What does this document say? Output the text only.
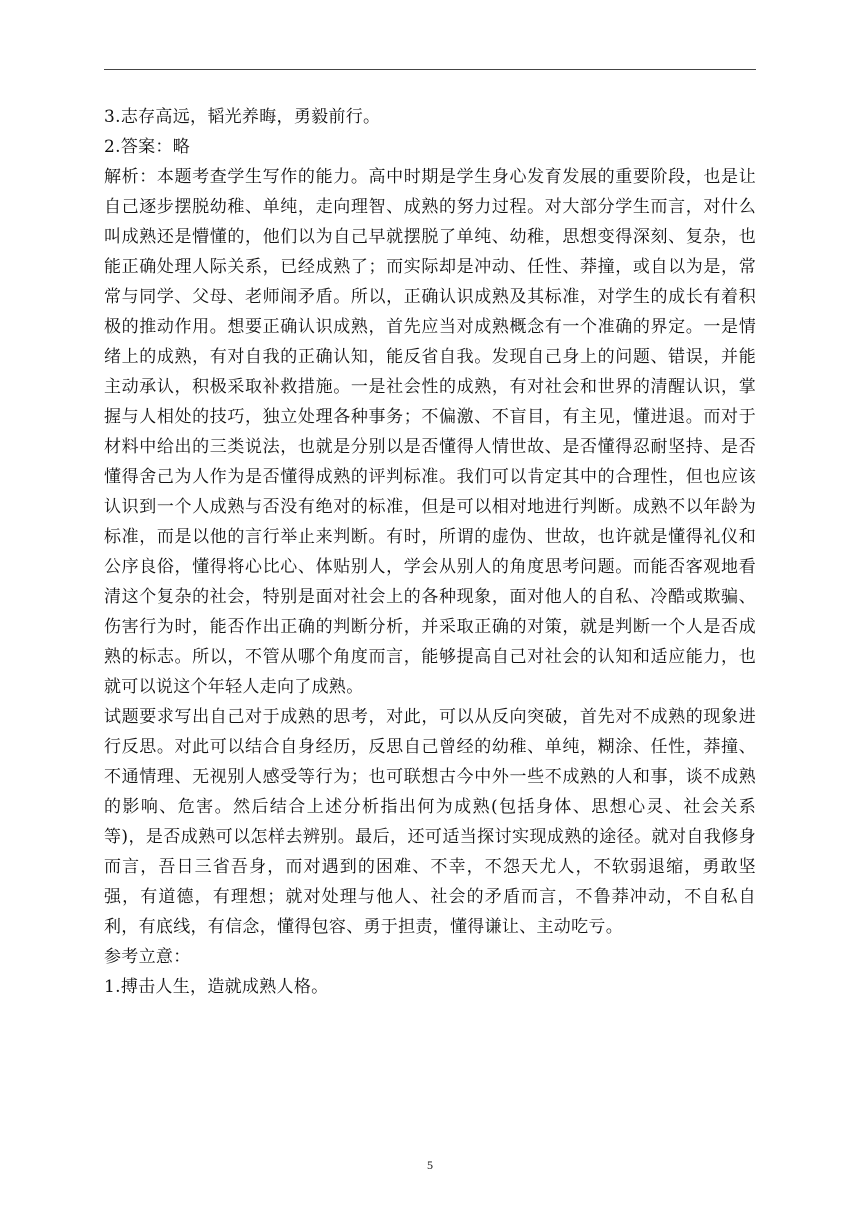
3.志存高远，韬光养晦，勇毅前行。
2.答案：略
解析：本题考查学生写作的能力。高中时期是学生身心发育发展的重要阶段，也是让
自己逐步摆脱幼稚、单纯，走向理智、成熟的努力过程。对大部分学生而言，对什么
叫成熟还是懵懂的，他们以为自己早就摆脱了单纯、幼稚，思想变得深刻、复杂，也
能正确处理人际关系，已经成熟了；而实际却是冲动、任性、莽撞，或自以为是，常
常与同学、父母、老师闹矛盾。所以，正确认识成熟及其标准，对学生的成长有着积
极的推动作用。想要正确认识成熟，首先应当对成熟概念有一个准确的界定。一是情
绪上的成熟，有对自我的正确认知，能反省自我。发现自己身上的问题、错误，并能
主动承认，积极采取补救措施。一是社会性的成熟，有对社会和世界的清醒认识，掌
握与人相处的技巧，独立处理各种事务；不偏激、不盲目，有主见，懂进退。而对于
材料中给出的三类说法，也就是分别以是否懂得人情世故、是否懂得忍耐坚持、是否
懂得舍己为人作为是否懂得成熟的评判标准。我们可以肯定其中的合理性，但也应该
认识到一个人成熟与否没有绝对的标准，但是可以相对地进行判断。成熟不以年龄为
标准，而是以他的言行举止来判断。有时，所谓的虚伪、世故，也许就是懂得礼仪和
公序良俗，懂得将心比心、体贴别人，学会从别人的角度思考问题。而能否客观地看
清这个复杂的社会，特别是面对社会上的各种现象，面对他人的自私、冷酷或欺骗、
伤害行为时，能否作出正确的判断分析，并采取正确的对策，就是判断一个人是否成
熟的标志。所以，不管从哪个角度而言，能够提高自己对社会的认知和适应能力，也
就可以说这个年轻人走向了成熟。
试题要求写出自己对于成熟的思考，对此，可以从反向突破，首先对不成熟的现象进
行反思。对此可以结合自身经历，反思自己曾经的幼稚、单纯，糊涂、任性，莽撞、
不通情理、无视别人感受等行为；也可联想古今中外一些不成熟的人和事，谈不成熟
的影响、危害。然后结合上述分析指出何为成熟(包括身体、思想心灵、社会关系
等)，是否成熟可以怎样去辨别。最后，还可适当探讨实现成熟的途径。就对自我修身
而言，吾日三省吾身，而对遇到的困难、不幸，不怨天尤人，不软弱退缩，勇敢坚
强，有道德，有理想；就对处理与他人、社会的矛盾而言，不鲁莽冲动，不自私自
利，有底线，有信念，懂得包容、勇于担责，懂得谦让、主动吃亏。
参考立意：
1.搏击人生，造就成熟人格。
5
